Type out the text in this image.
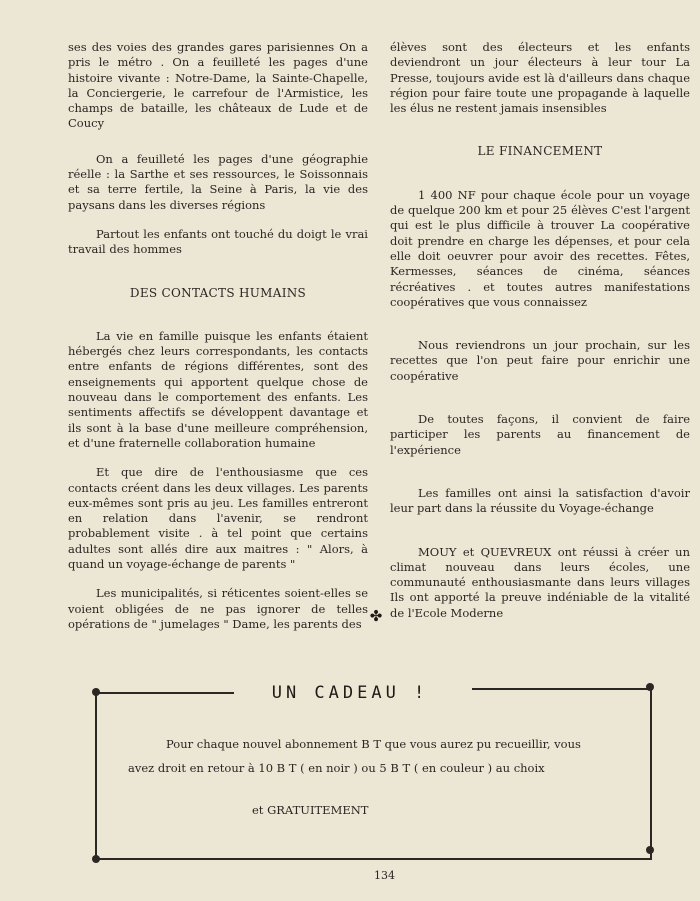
ses des voies des grandes gares parisiennes On a pris le métro . On a feuilleté les pages d'une histoire vivante : Notre-Dame, la Sainte-Chapelle, la Conciergerie, le carrefour de l'Armistice, les champs de bataille, les châteaux de Lude et de Coucy

On a feuilleté les pages d'une géographie réelle : la Sarthe et ses ressources, le Soissonnais et sa terre fertile, la Seine à Paris, la vie des paysans dans les diverses régions

Partout les enfants ont touché du doigt le vrai travail des hommes

DES CONTACTS HUMAINS

La vie en famille puisque les enfants étaient hébergés chez leurs correspondants, les contacts entre enfants de régions différentes, sont des enseignements qui apportent quelque chose de nouveau dans le comportement des enfants. Les sentiments affectifs se développent davantage et ils sont à la base d'une meilleure compréhension, et d'une fraternelle collaboration humaine

Et que dire de l'enthousiasme que ces contacts créent dans les deux villages. Les parents eux-mêmes sont pris au jeu. Les familles entreront en relation dans l'avenir, se rendront probablement visite . à tel point que certains adultes sont allés dire aux maitres : " Alors, à quand un voyage-échange de parents "

Les municipalités, si réticentes soient-elles se voient obligées de ne pas ignorer de telles opérations de " jumelages " Dame, les parents des

élèves sont des électeurs et les enfants deviendront un jour électeurs à leur tour La Presse, toujours avide est là d'ailleurs dans chaque région pour faire toute une propagande à laquelle les élus ne restent jamais insensibles

LE FINANCEMENT

1 400 NF pour chaque école pour un voyage de quelque 200 km et pour 25 élèves C'est l'argent qui est le plus difficile à trouver La coopérative doit prendre en charge les dépenses, et pour cela elle doit oeuvrer pour avoir des recettes. Fêtes, Kermesses, séances de cinéma, séances récréatives . et toutes autres manifestations coopératives que vous connaissez

Nous reviendrons un jour prochain, sur les recettes que l'on peut faire pour enrichir une coopérative

De toutes façons, il convient de faire participer les parents au financement de l'expérience

Les familles ont ainsi la satisfaction d'avoir leur part dans la réussite du Voyage-échange

MOUY et QUEVREUX ont réussi à créer un climat nouveau dans leurs écoles, une communauté enthousiasmante dans leurs villages Ils ont apporté la preuve indéniable de la vitalité de l'Ecole Moderne

✤
UN CADEAU !
Pour chaque nouvel abonnement B T que vous aurez pu recueillir, vous
avez droit en retour à 10 B T ( en noir ) ou 5 B T ( en couleur ) au choix
et GRATUITEMENT
134
